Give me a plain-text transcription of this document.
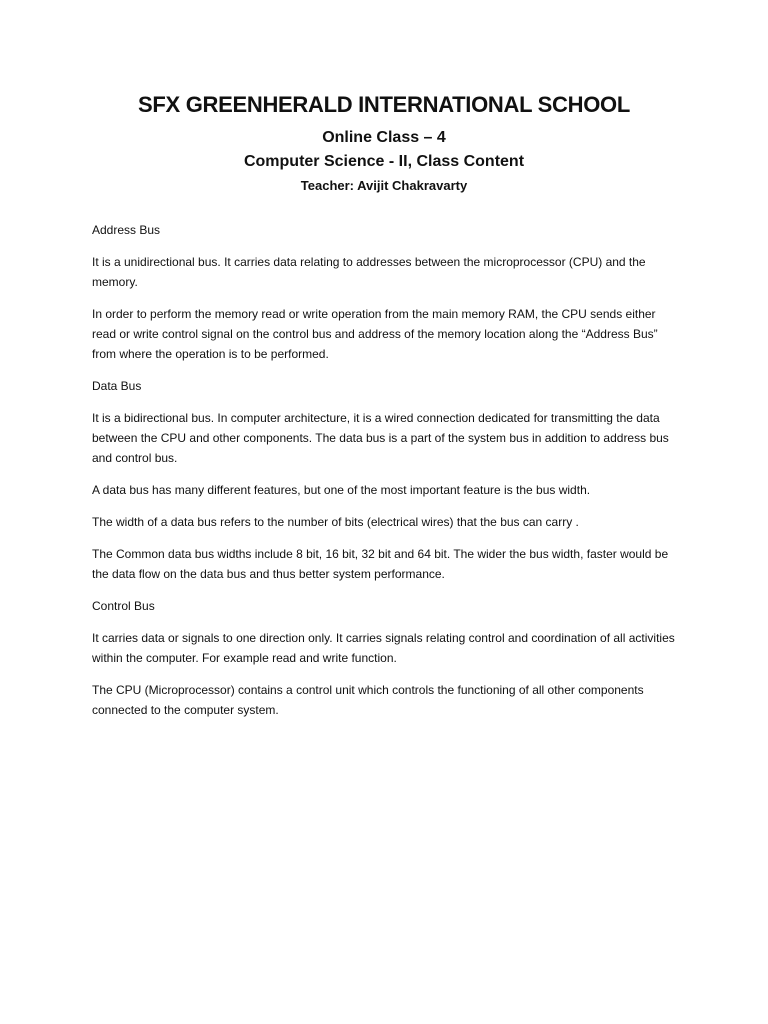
SFX GREENHERALD INTERNATIONAL SCHOOL
Online Class – 4
Computer Science - II, Class Content
Teacher: Avijit Chakravarty

Address Bus

It is a unidirectional bus. It carries data relating to addresses between the microprocessor (CPU) and the memory.

In order to perform the memory read or write operation from the main memory RAM, the CPU sends either read or write control signal on the control bus and address of the memory location along the “Address Bus” from where the operation is to be performed.

Data Bus

It is a bidirectional bus. In computer architecture, it is a wired connection dedicated for transmitting the data between the CPU and other components. The data bus is a part of the system bus in addition to address bus and control bus.

A data bus has many different features, but one of the most important feature is the bus width.

The width of a data bus refers to the number of bits (electrical wires) that the bus can carry .

The Common data bus widths include 8 bit, 16 bit, 32 bit and 64 bit. The wider the bus width, faster would be the data flow on the data bus and thus better system performance.

Control Bus

It carries data or signals to one direction only. It carries signals relating control and coordination of all activities within the computer. For example read and write function.

The CPU (Microprocessor) contains a control unit which controls the functioning of all other components connected to the computer system.
